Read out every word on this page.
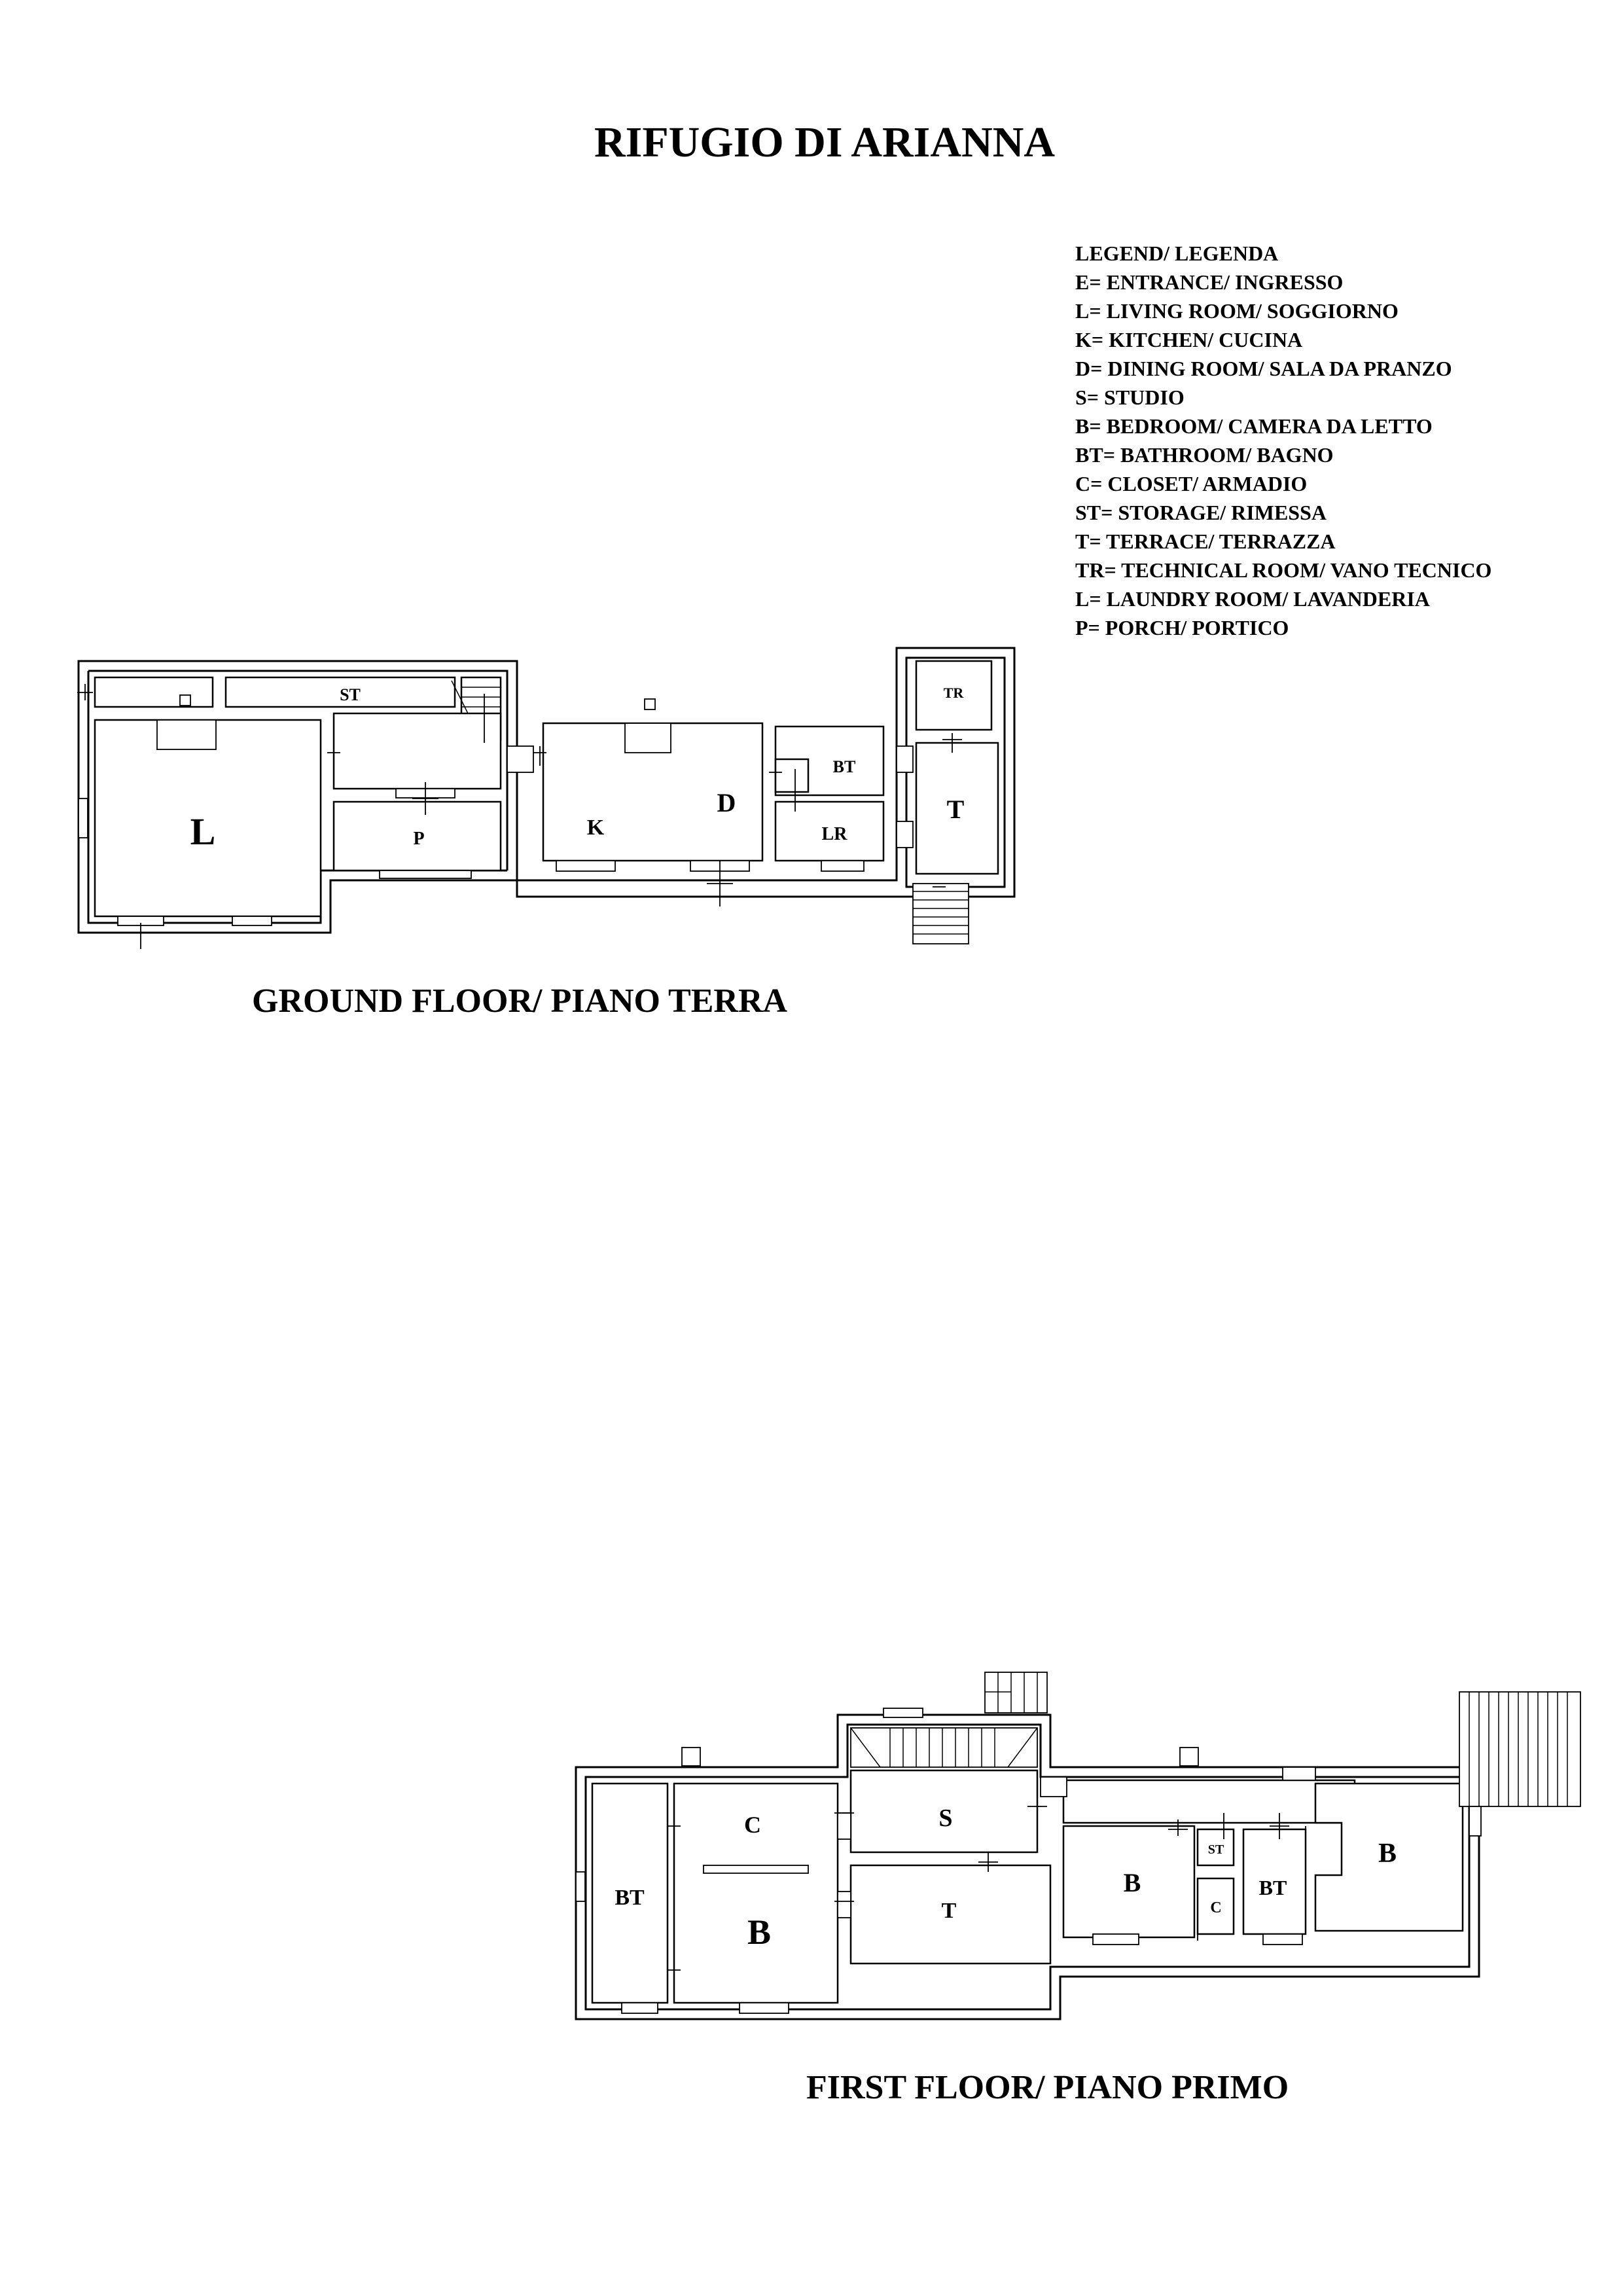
RIFUGIO DI ARIANNA
LEGEND/ LEGENDA
E= ENTRANCE/ INGRESSO
L= LIVING ROOM/ SOGGIORNO
K= KITCHEN/ CUCINA
D= DINING ROOM/ SALA DA PRANZO
S= STUDIO
B= BEDROOM/ CAMERA DA LETTO
BT= BATHROOM/ BAGNO
C= CLOSET/ ARMADIO
ST= STORAGE/ RIMESSA
T= TERRACE/ TERRAZZA
TR= TECHNICAL ROOM/ VANO TECNICO
L= LAUNDRY ROOM/ LAVANDERIA
P= PORCH/ PORTICO
L
ST
P	K
D
BT
LR
TR
T
GROUND FLOOR/ PIANO TERRA
BT
C
B
S
T
B
ST
C
BT
B
FIRST FLOOR/ PIANO PRIMO
